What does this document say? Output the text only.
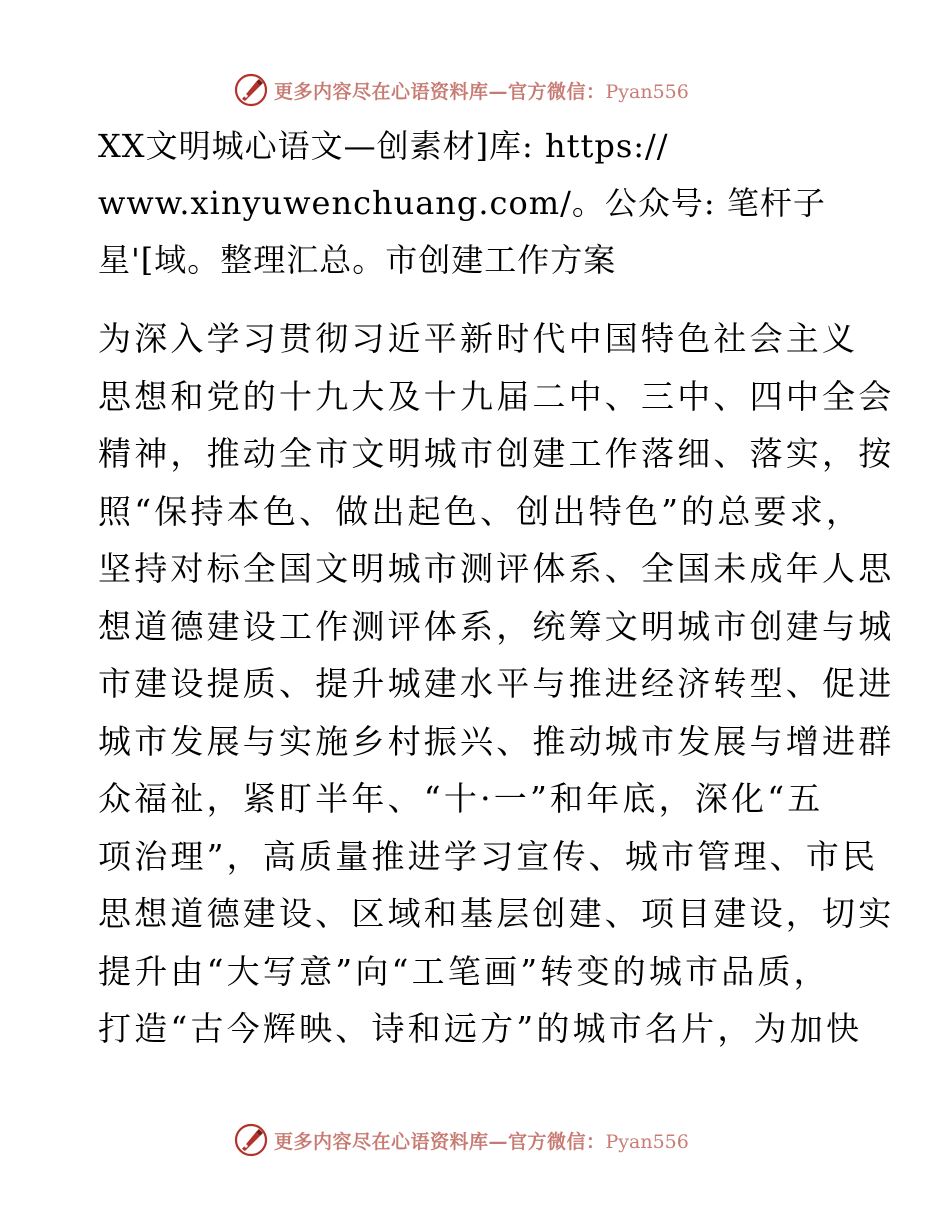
更多内容尽在心语资料库—官方微信：Pyan556
XX文明城心语文—创素材]库: https://
www.xinyuwenchuang.com/。公众号: 笔杆子
星'[域。整理汇总。市创建工作方案
为深入学习贯彻习近平新时代中国特色社会主义
思想和党的十九大及十九届二中、三中、四中全会
精神，推动全市文明城市创建工作落细、落实，按
照“保持本色、做出起色、创出特色”的总要求，
坚持对标全国文明城市测评体系、全国未成年人思
想道德建设工作测评体系，统筹文明城市创建与城
市建设提质、提升城建水平与推进经济转型、促进
城市发展与实施乡村振兴、推动城市发展与增进群
众福祉，紧盯半年、“十·一”和年底，深化“五
项治理”，高质量推进学习宣传、城市管理、市民
思想道德建设、区域和基层创建、项目建设，切实
提升由“大写意”向“工笔画”转变的城市品质，
打造“古今辉映、诗和远方”的城市名片，为加快
更多内容尽在心语资料库—官方微信：Pyan556
